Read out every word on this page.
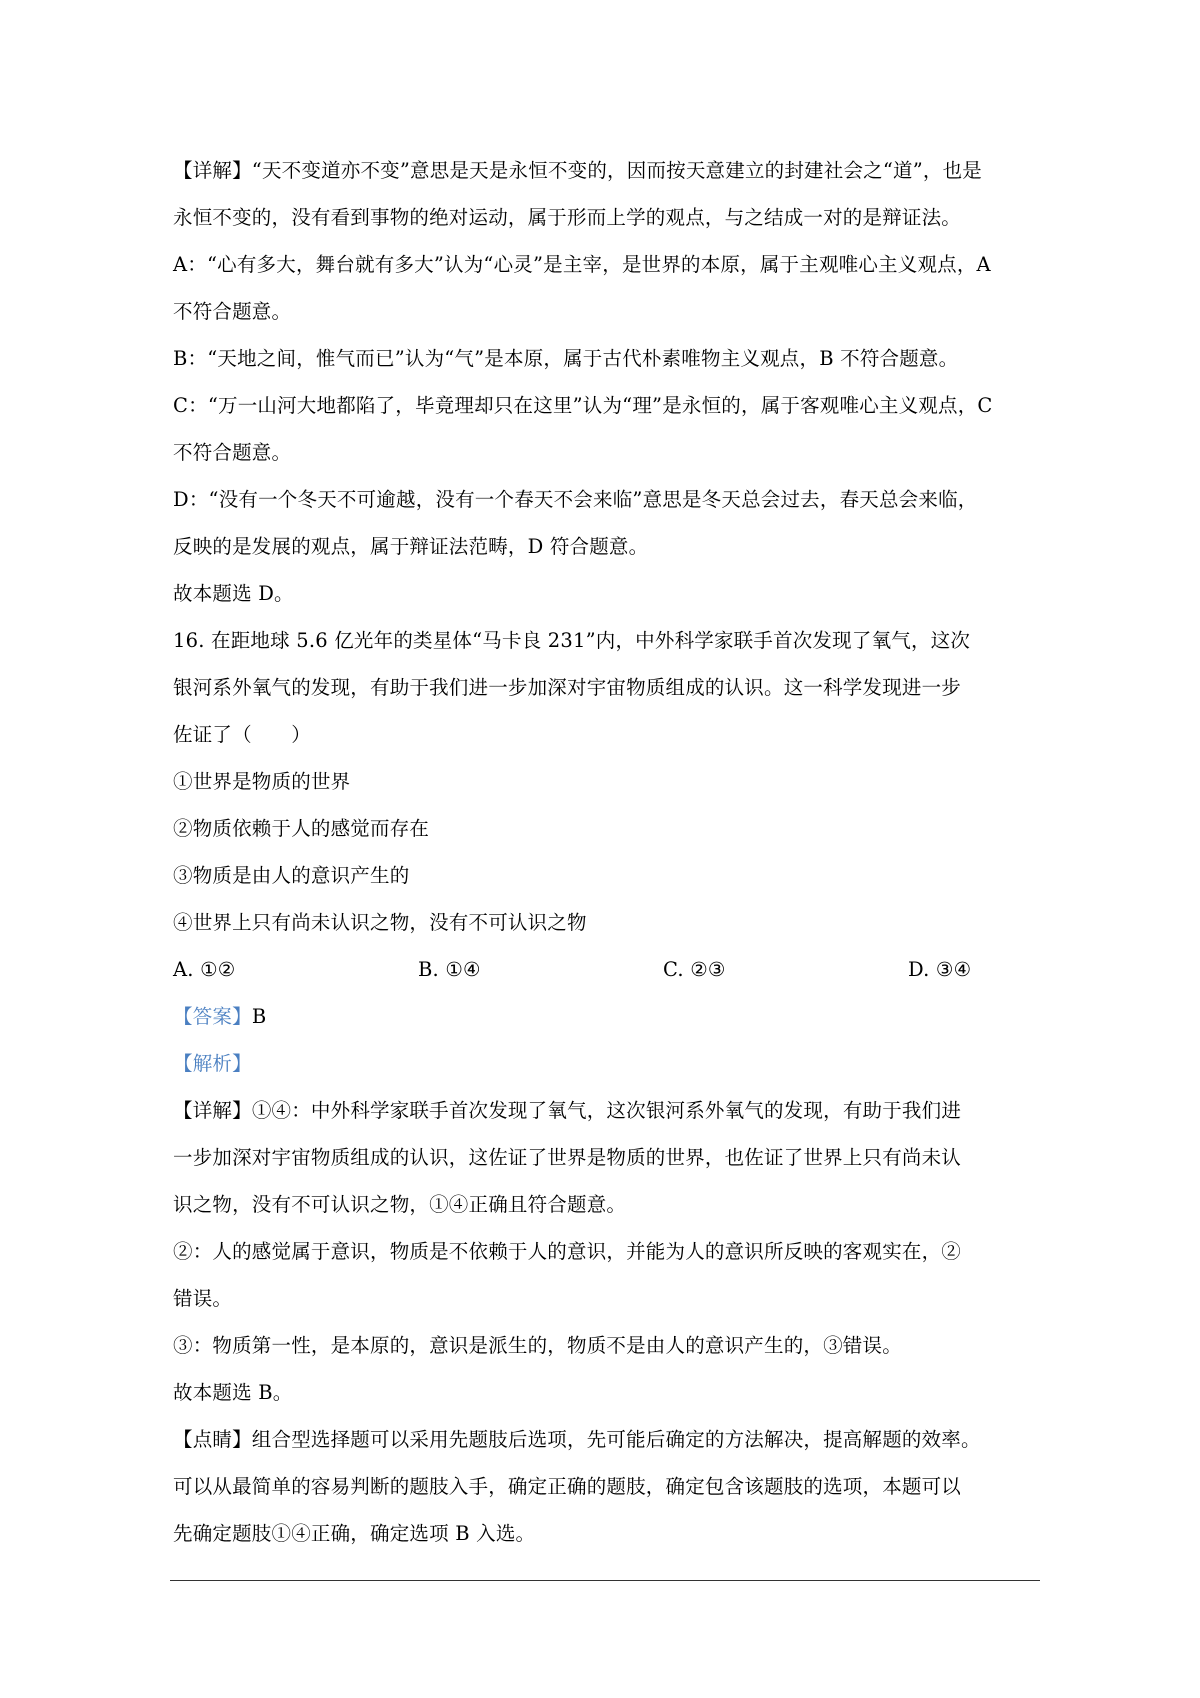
【详解】“天不变道亦不变”意思是天是永恒不变的，因而按天意建立的封建社会之“道”，也是
永恒不变的，没有看到事物的绝对运动，属于形而上学的观点，与之结成一对的是辩证法。
A：“心有多大，舞台就有多大”认为“心灵”是主宰，是世界的本原，属于主观唯心主义观点，A
不符合题意。
B：“天地之间，惟气而已”认为“气”是本原，属于古代朴素唯物主义观点，B 不符合题意。
C：“万一山河大地都陷了，毕竟理却只在这里”认为“理”是永恒的，属于客观唯心主义观点，C
不符合题意。
D：“没有一个冬天不可逾越，没有一个春天不会来临”意思是冬天总会过去，春天总会来临，
反映的是发展的观点，属于辩证法范畴，D 符合题意。
故本题选 D。
16. 在距地球 5.6 亿光年的类星体“马卡良 231”内，中外科学家联手首次发现了氧气，这次
银河系外氧气的发现，有助于我们进一步加深对宇宙物质组成的认识。这一科学发现进一步
佐证了（　　）
①世界是物质的世界
②物质依赖于人的感觉而存在
③物质是由人的意识产生的
④世界上只有尚未认识之物，没有不可认识之物
A. ①②	B. ①④	C. ②③	D. ③④
【答案】B
【解析】
【详解】①④：中外科学家联手首次发现了氧气，这次银河系外氧气的发现，有助于我们进
一步加深对宇宙物质组成的认识，这佐证了世界是物质的世界，也佐证了世界上只有尚未认
识之物，没有不可认识之物，①④正确且符合题意。
②：人的感觉属于意识，物质是不依赖于人的意识，并能为人的意识所反映的客观实在，②
错误。
③：物质第一性，是本原的，意识是派生的，物质不是由人的意识产生的，③错误。
故本题选 B。
【点睛】组合型选择题可以采用先题肢后选项，先可能后确定的方法解决，提高解题的效率。
可以从最简单的容易判断的题肢入手，确定正确的题肢，确定包含该题肢的选项，本题可以
先确定题肢①④正确，确定选项 B 入选。
